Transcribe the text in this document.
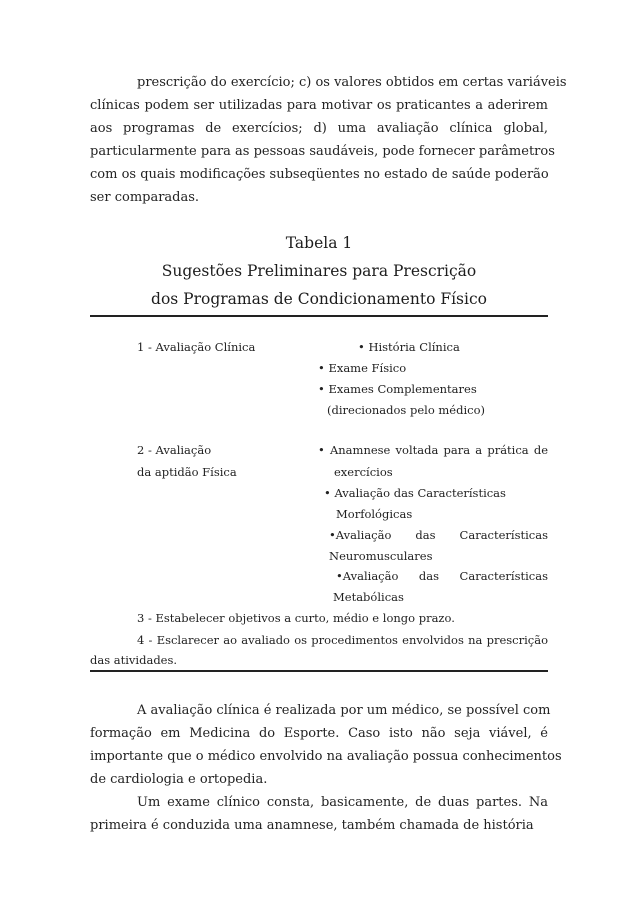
prescrição do exercício; c) os valores obtidos em certas variáveis
clínicas podem ser utilizadas para motivar os praticantes a aderirem
aos programas de exercícios; d) uma avaliação clínica global,
particularmente para as pessoas saudáveis, pode fornecer parâmetros
com os quais modificações subseqüentes no estado de saúde poderão
ser comparadas.
Tabela 1
Sugestões Preliminares para Prescrição
dos Programas de Condicionamento Físico
1 - Avaliação Clínica	• História Clínica
• Exame Físico
• Exames Complementares
(direcionados pelo médico)
2 - Avaliação
da aptidão Física
• Anamnese voltada para a prática de
exercícios
• Avaliação das Características
Morfológicas
•Avaliação das Características
Neuromusculares
•Avaliação das Características
Metabólicas
3 - Estabelecer objetivos a curto, médio e longo prazo.
4 - Esclarecer ao avaliado os procedimentos envolvidos na prescrição
das atividades.
A avaliação clínica é realizada por um médico, se possível com
formação em Medicina do Esporte. Caso isto não seja viável, é
importante que o médico envolvido na avaliação possua conhecimentos
de cardiologia e ortopedia.
Um exame clínico consta, basicamente, de duas partes. Na
primeira é conduzida uma anamnese, também chamada de história
